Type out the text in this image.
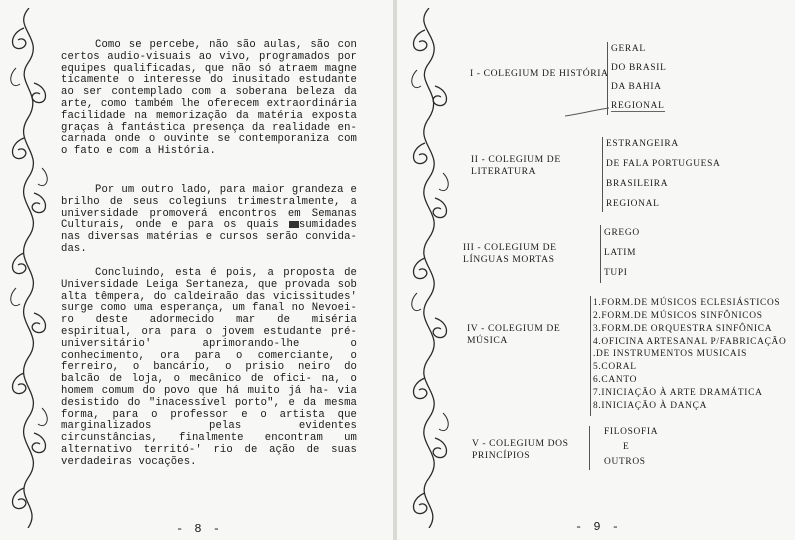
Como se percebe, não são aulas, são con certos audio-visuais ao vivo, programados por equipes qualificadas, que não só atraem magne ticamente o interesse do inusitado estudante ao ser contemplado com a soberana beleza da arte, como também lhe oferecem extraordinária facilidade na memorização da matéria exposta graças à fantástica presença da realidade en- carnada onde o ouvinte se contemporaniza com o fato e com a História.

Por um outro lado, para maior grandeza e brilho de seus colegiuns trimestralmente, a universidade promoverá encontros em Semanas Culturais, onde e para os quais sumidades nas diversas matérias e cursos serão convida- das.

Concluindo, esta é pois, a proposta de Universidade Leiga Sertaneza, que provada sob alta têmpera, do caldeiraão das vicissitudes' surge como uma esperança, um fanal no Nevoei- ro deste adormecido mar de miséria espiritual, ora para o jovem estudante pré-universitário' aprimorando-lhe o conhecimento, ora para o comerciante, o ferreiro, o bancário, o prisio neiro do balcão de loja, o mecânico de ofici- na, o homem comum do povo que há muito já ha- via desistido do "inacessível porto", e da mesma forma, para o professor e o artista que marginalizados pelas evidentes circunstâncias, finalmente encontram um alternativo territó-' rio de ação de suas verdadeiras vocações.

- 8 -
I - COLEGIUM DE HISTÓRIA
GERAL
DO BRASIL
DA BAHIA
REGIONAL
II - COLEGIUM DE LITERATURA
ESTRANGEIRA
DE FALA PORTUGUESA
BRASILEIRA
REGIONAL
III - COLEGIUM DE LÍNGUAS MORTAS
GREGO
LATIM
TUPI
IV - COLEGIUM DE MÚSICA
1.FORM.DE MÚSICOS ECLESIÁSTICOS
2.FORM.DE MÚSICOS SINFÔNICOS
3.FORM.DE ORQUESTRA SINFÔNICA
4.OFICINA ARTESANAL P/FABRICAÇÃO
.DE INSTRUMENTOS MUSICAIS
5.CORAL
6.CANTO
7.INICIAÇÃO À ARTE DRAMÁTICA
8.INICIAÇÃO À DANÇA
V - COLEGIUM DOS PRINCÍPIOS
FILOSOFIA
E
OUTROS
- 9 -
